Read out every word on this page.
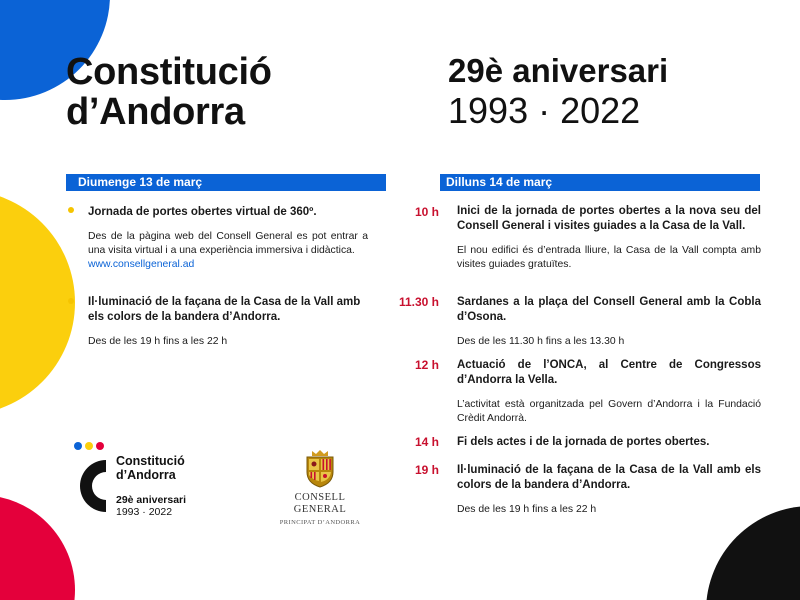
Constitució
d’Andorra
29è aniversari
1993 · 2022
Diumenge 13 de març	Dilluns 14 de març
Jornada de portes obertes virtual de 360º.
Des de la pàgina web del Consell General es pot entrar a una visita virtual i a una experiència immersiva i didàctica.
www.consellgeneral.ad
Il·luminació de la façana de la Casa de la Vall amb els colors de la bandera d’Andorra.
Des de les 19 h fins a les 22 h
10 h Inici de la jornada de portes obertes a la nova seu del Consell General i visites guiades a la Casa de la Vall.
El nou edifici és d’entrada lliure, la Casa de la Vall compta amb visites guiades gratuïtes.
11.30 h Sardanes a la plaça del Consell General amb la Cobla d’Osona.
Des de les 11.30 h fins a les 13.30 h
12 h Actuació de l’ONCA, al Centre de Congressos d’Andorra la Vella.
L’activitat està organitzada pel Govern d’Andorra i la Fundació Crèdit Andorrà.
14 h Fi dels actes i de la jornada de portes obertes.
19 h Il·luminació de la façana de la Casa de la Vall amb els colors de la bandera d’Andorra.
Des de les 19 h fins a les 22 h
Constitució
d’Andorra
29è aniversari
1993 · 2022
CONSELL GENERAL
PRINCIPAT D’ANDORRA
